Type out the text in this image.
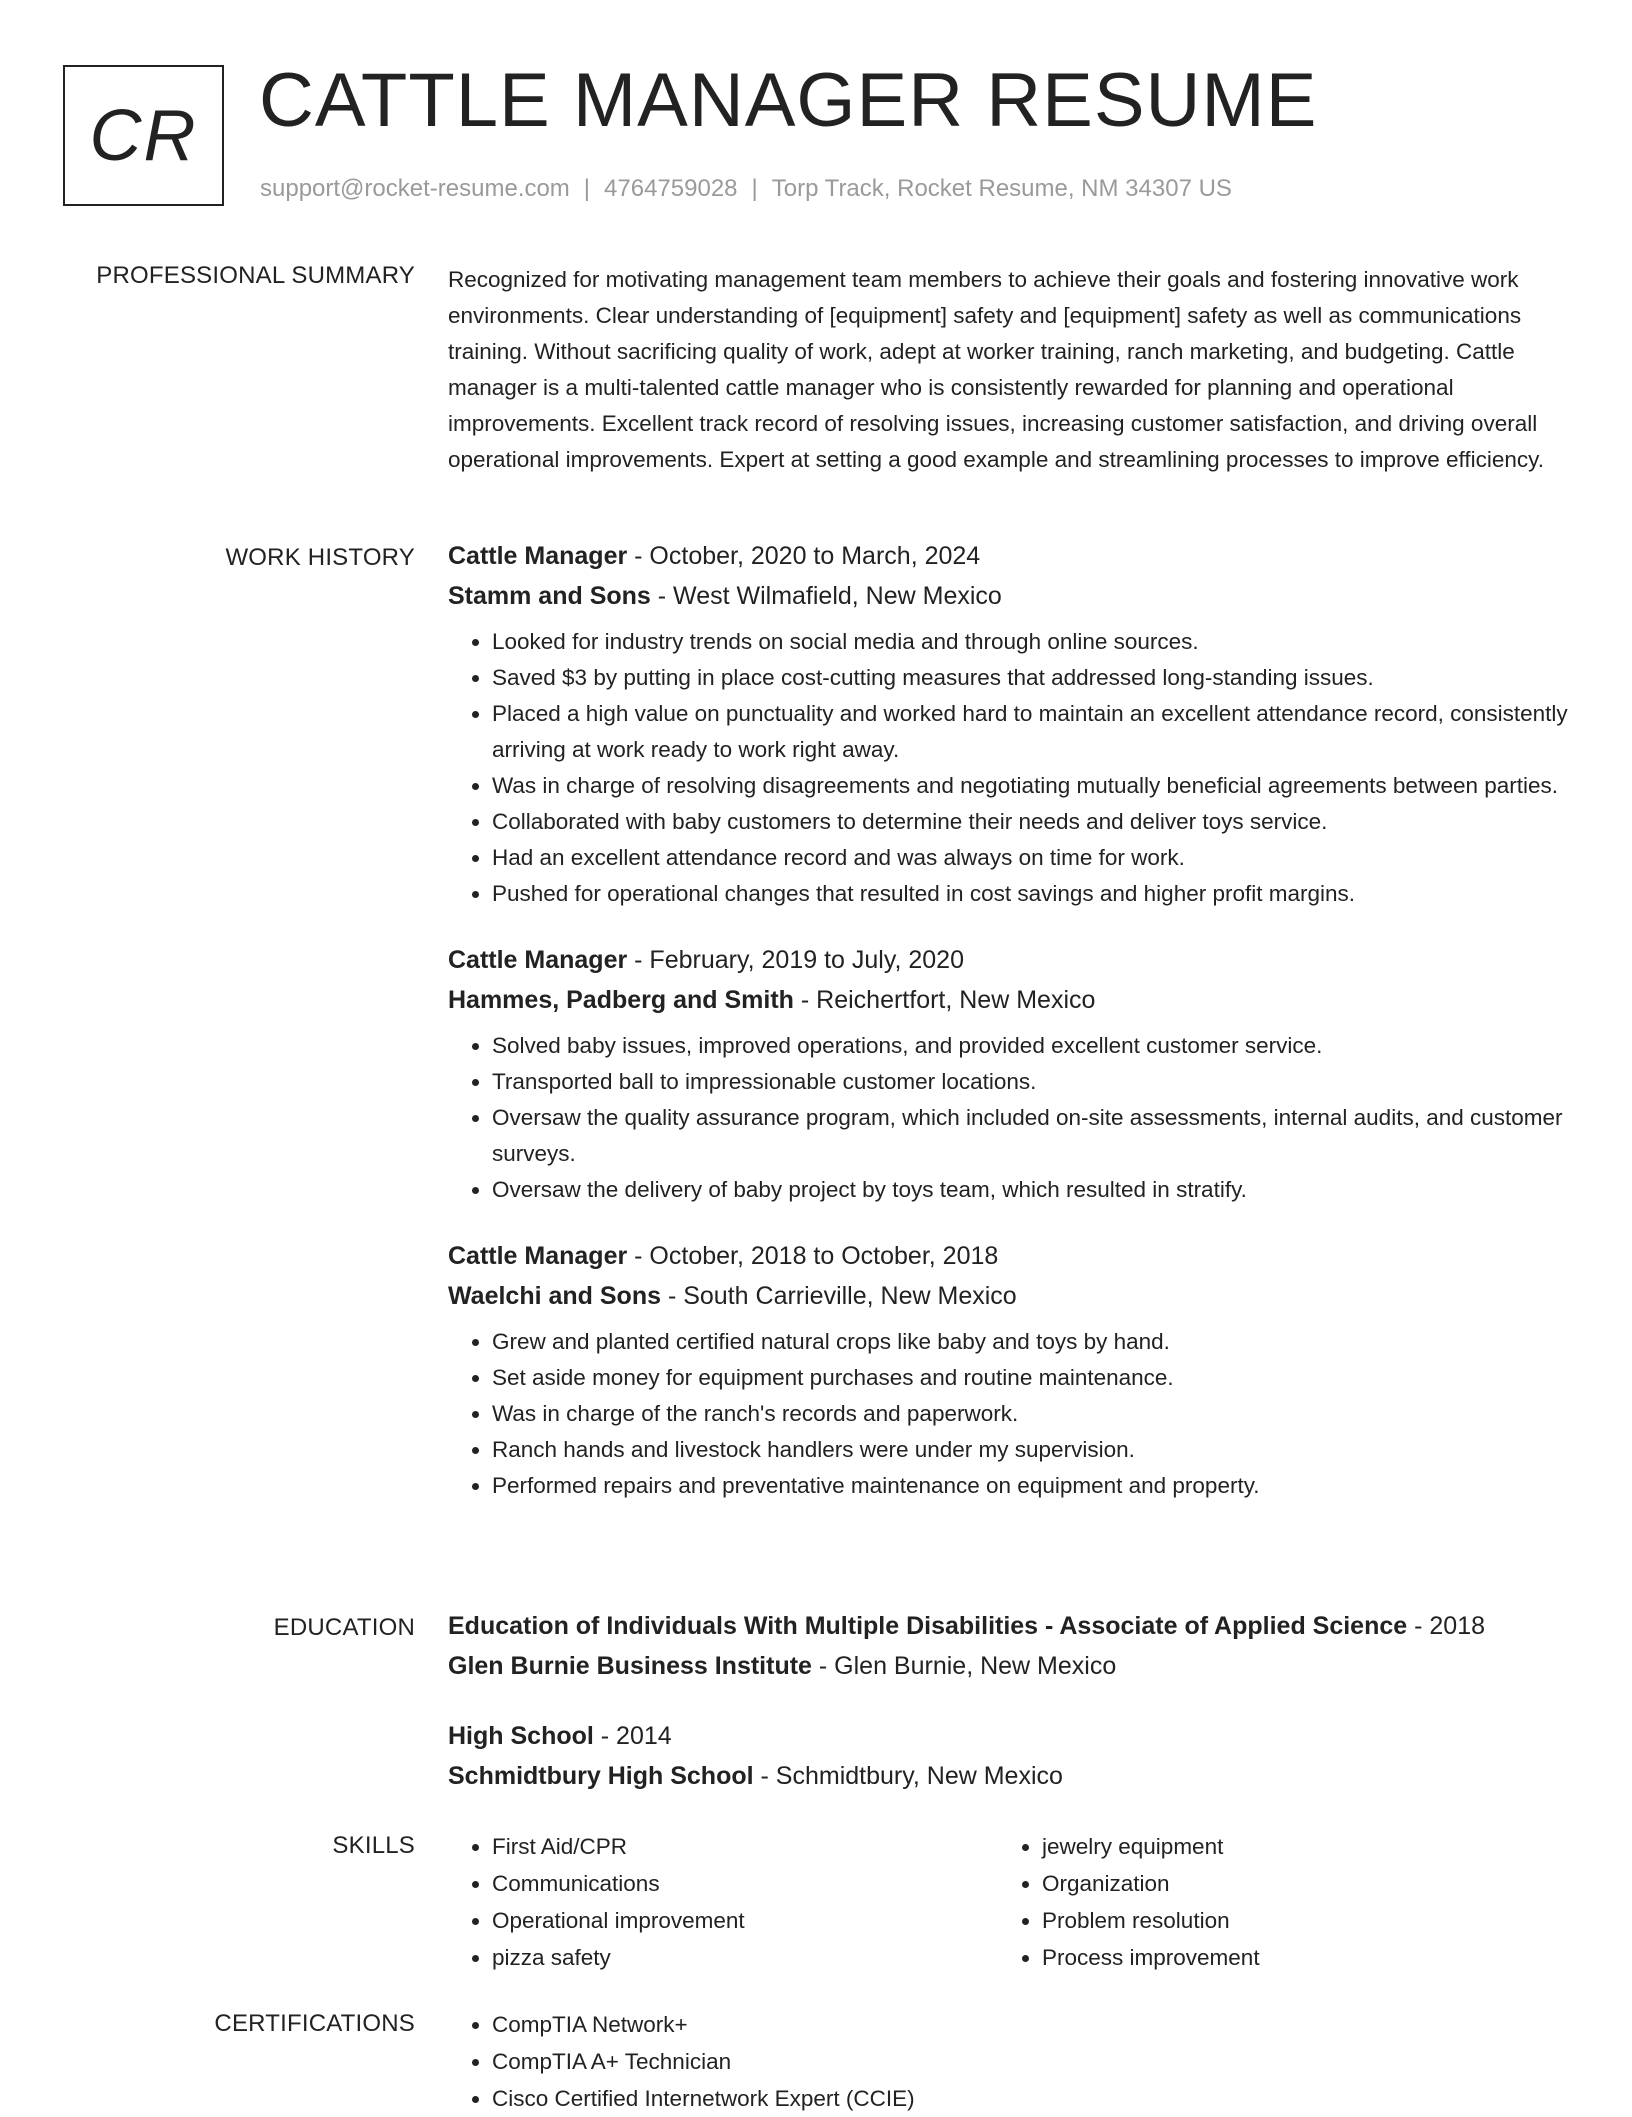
CR CATTLE MANAGER RESUME
support@rocket-resume.com | 4764759028 | Torp Track, Rocket Resume, NM 34307 US
PROFESSIONAL SUMMARY Recognized for motivating management team members to achieve their goals and fostering innovative work environments. Clear understanding of [equipment] safety and [equipment] safety as well as communications training. Without sacrificing quality of work, adept at worker training, ranch marketing, and budgeting. Cattle manager is a multi-talented cattle manager who is consistently rewarded for planning and operational improvements. Excellent track record of resolving issues, increasing customer satisfaction, and driving overall operational improvements. Expert at setting a good example and streamlining processes to improve efficiency.

WORK HISTORY Cattle Manager - October, 2020 to March, 2024
Stamm and Sons - West Wilmafield, New Mexico
• Looked for industry trends on social media and through online sources.
• Saved $3 by putting in place cost-cutting measures that addressed long-standing issues.
• Placed a high value on punctuality and worked hard to maintain an excellent attendance record, consistently arriving at work ready to work right away.
• Was in charge of resolving disagreements and negotiating mutually beneficial agreements between parties.
• Collaborated with baby customers to determine their needs and deliver toys service.
• Had an excellent attendance record and was always on time for work.
• Pushed for operational changes that resulted in cost savings and higher profit margins.
Cattle Manager - February, 2019 to July, 2020
Hammes, Padberg and Smith - Reichertfort, New Mexico
• Solved baby issues, improved operations, and provided excellent customer service.
• Transported ball to impressionable customer locations.
• Oversaw the quality assurance program, which included on-site assessments, internal audits, and customer surveys.
• Oversaw the delivery of baby project by toys team, which resulted in stratify.
Cattle Manager - October, 2018 to October, 2018
Waelchi and Sons - South Carrieville, New Mexico
• Grew and planted certified natural crops like baby and toys by hand.
• Set aside money for equipment purchases and routine maintenance.
• Was in charge of the ranch's records and paperwork.
• Ranch hands and livestock handlers were under my supervision.
• Performed repairs and preventative maintenance on equipment and property.
EDUCATION Education of Individuals With Multiple Disabilities - Associate of Applied Science - 2018
Glen Burnie Business Institute - Glen Burnie, New Mexico
High School - 2014
Schmidtbury High School - Schmidtbury, New Mexico
SKILLS	• First Aid/CPR
• Communications
• Operational improvement
• pizza safety
• jewelry equipment
• Organization
• Problem resolution
• Process improvement
CERTIFICATIONS	• CompTIA Network+
• CompTIA A+ Technician
• Cisco Certified Internetwork Expert (CCIE)
